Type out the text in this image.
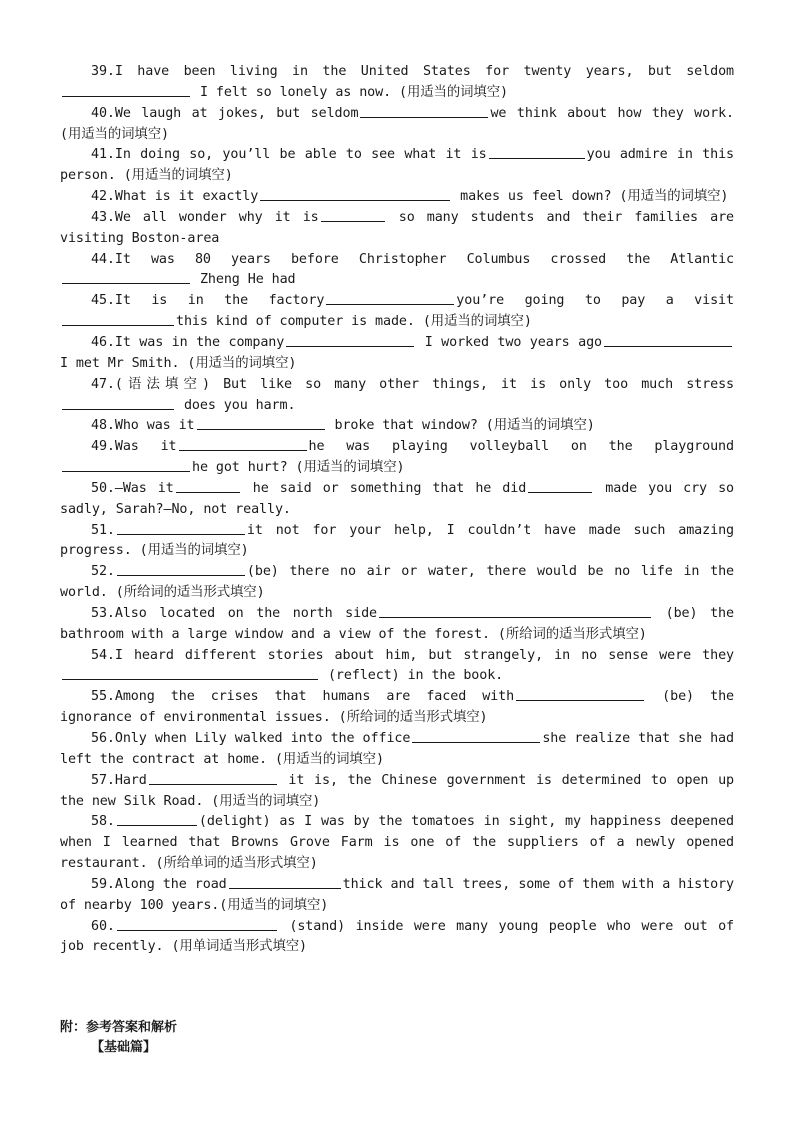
39.I have been living in the United States for twenty years, but seldom I felt so lonely as now. (用适当的词填空)
40.We laugh at jokes, but seldom	we think about how they work. (用适当的词填空)
41.In doing so, you’ll be able to see what it is	you admire in this person. (用适当的词填空)
42.What is it exactly	makes us feel down? (用适当的词填空)
43.We all wonder why it is	so many students and their families are visiting Boston-area
44.It was 80 years before Christopher Columbus crossed the Atlantic Zheng He had
45.It is in the factory	you’re going to pay a visitthis kind of computer is made. (用适当的词填空)
46.It was in the company	I worked two years ago I met Mr Smith. (用适当的词填空)
47.(语法填空) But like so many other things, it is only too much stress does you harm.
48.Who was it	broke that window? (用适当的词填空)
49.Was it	he was playing volleyball on the playgroundhe got hurt? (用适当的词填空)
50.—Was it	he said or something that he did	made you cry so sadly, Sarah?—No, not really.
51.	it not for your help, I couldn’t have made such amazing progress. (用适当的词填空)
52.	(be) there no air or water, there would be no life in the world. (所给词的适当形式填空)
53.Also located on the north side	(be) the bathroom with a large window and a view of the forest. (所给词的适当形式填空)
54.I heard different stories about him, but strangely, in no sense were they (reflect) in the book.
55.Among the crises that humans are faced with	(be) the ignorance of environmental issues. (所给词的适当形式填空)
56.Only when Lily walked into the office	she realize that she had left the contract at home. (用适当的词填空)
57.Hard	it is, the Chinese government is determined to open up the new Silk Road. (用适当的词填空)
58.	(delight) as I was by the tomatoes in sight, my happiness deepened when I learned that Browns Grove Farm is one of the suppliers of a newly opened restaurant. (所给单词的适当形式填空)
59.Along the road	thick and tall trees, some of them with a history of nearby 100 years.(用适当的词填空)
60.	(stand) inside were many young people who were out of job recently. (用单词适当形式填空)
附：参考答案和解析
【基础篇】
